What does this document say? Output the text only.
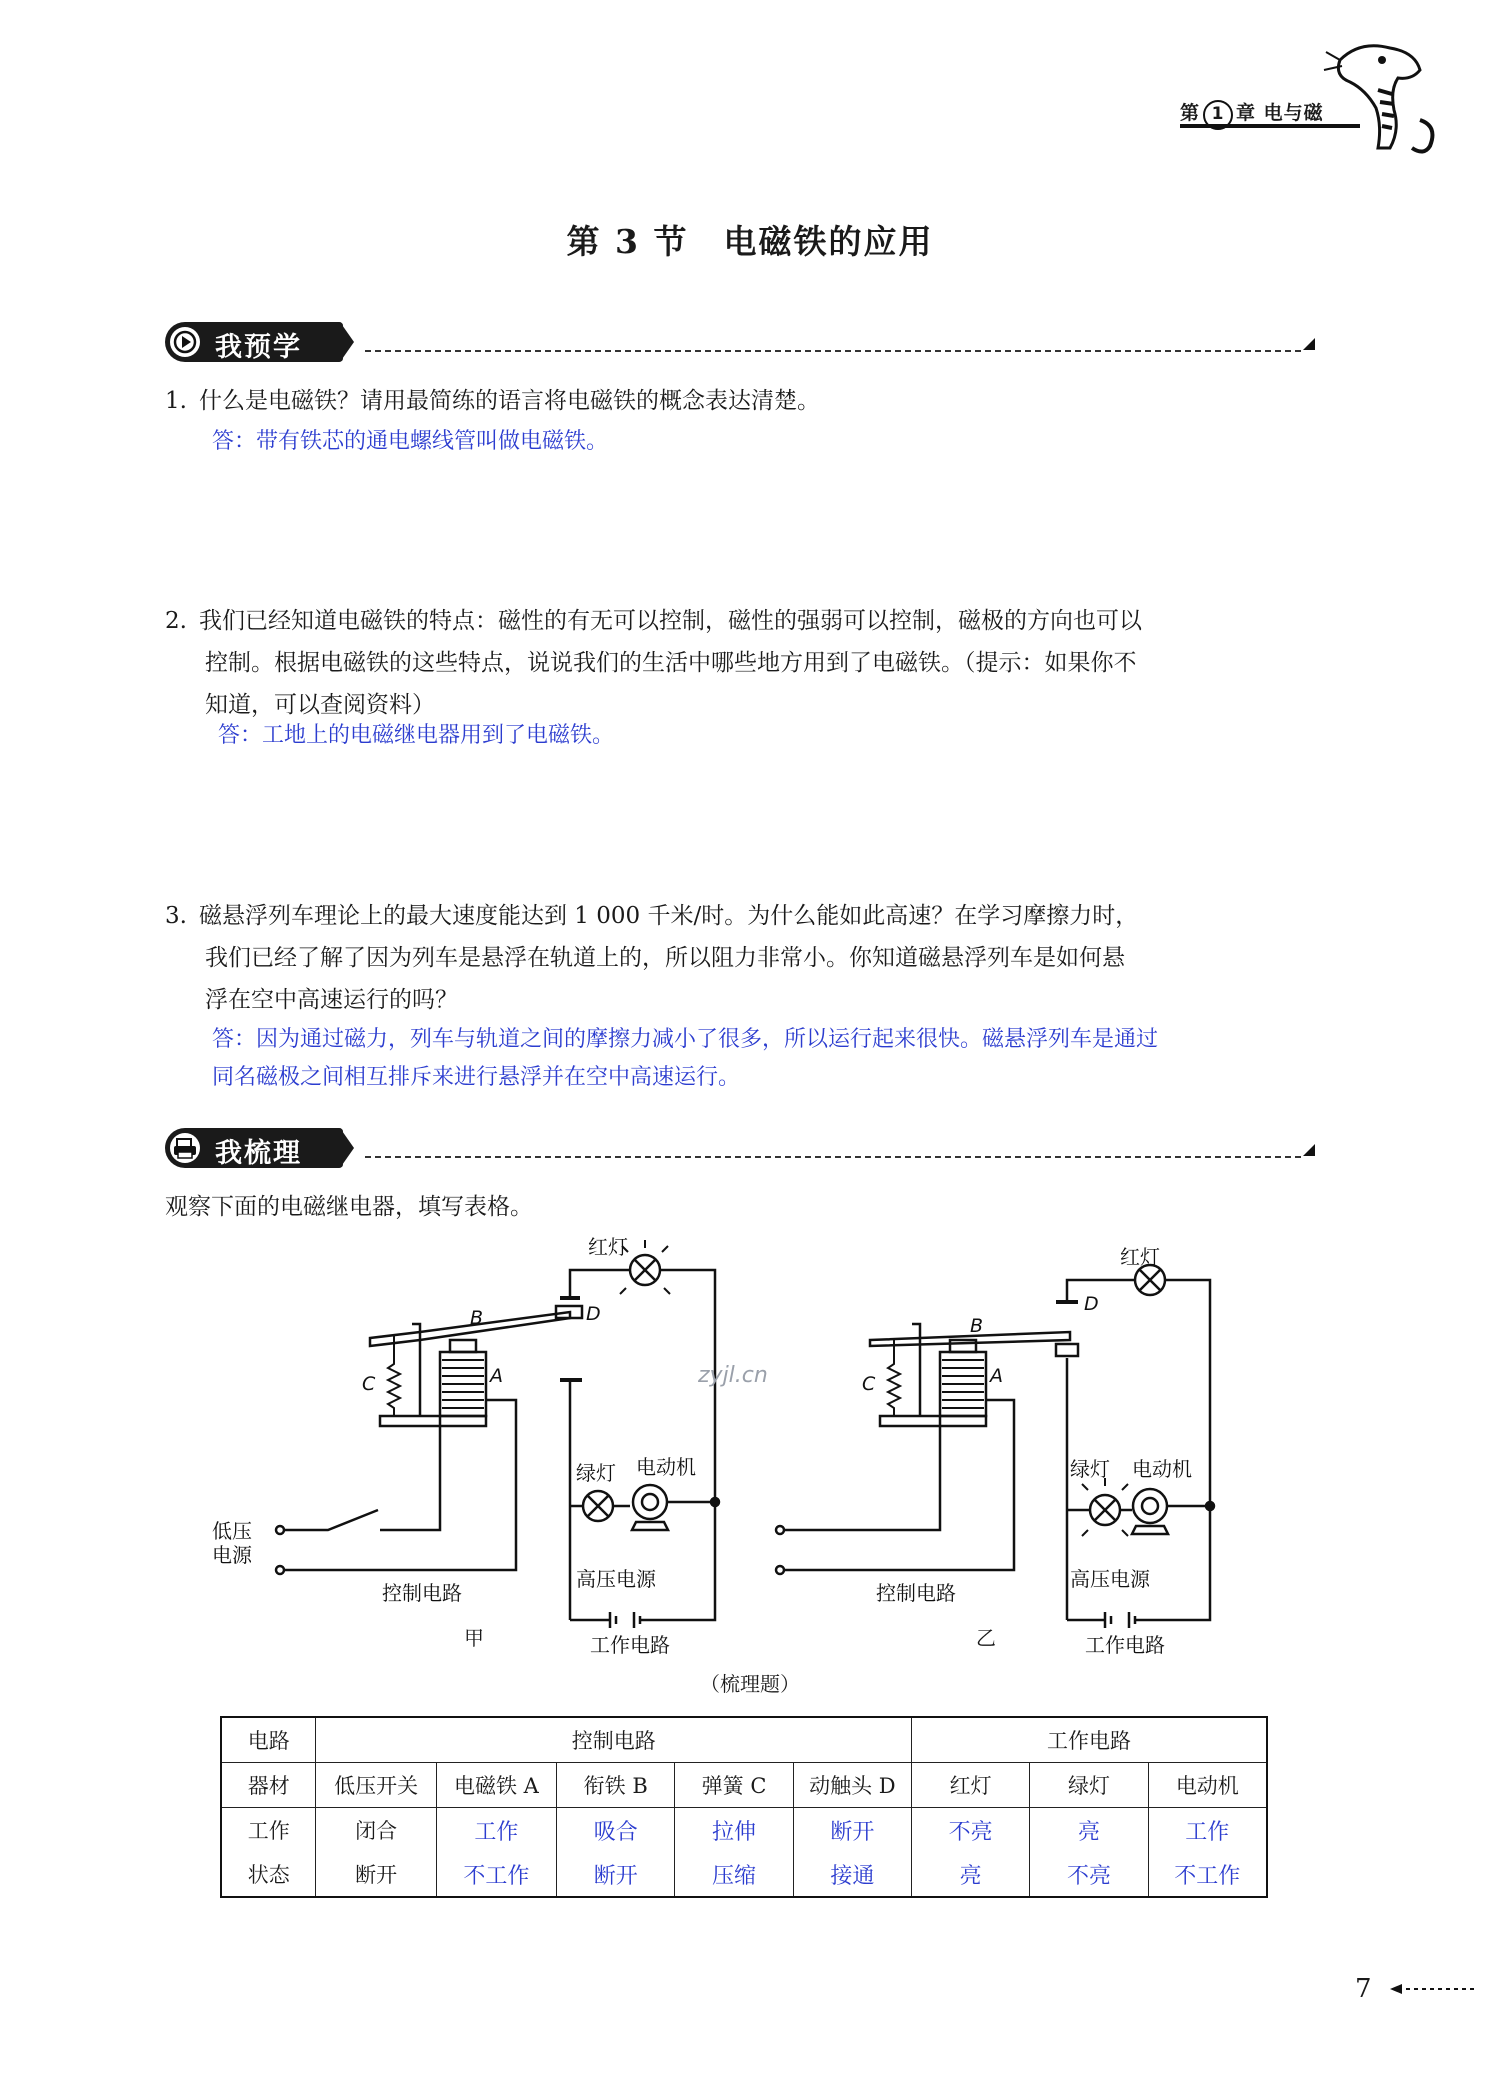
第 1 章 电与磁
第 3 节　电磁铁的应用
我预学
1. 什么是电磁铁？请用最简练的语言将电磁铁的概念表达清楚。
答：带有铁芯的通电螺线管叫做电磁铁。
2. 我们已经知道电磁铁的特点：磁性的有无可以控制，磁性的强弱可以控制，磁极的方向也可以
控制。根据电磁铁的这些特点，说说我们的生活中哪些地方用到了电磁铁。（提示：如果你不
知道，可以查阅资料）
答：工地上的电磁继电器用到了电磁铁。
3. 磁悬浮列车理论上的最大速度能达到 1 000 千米/时。为什么能如此高速？在学习摩擦力时，
我们已经了解了因为列车是悬浮在轨道上的，所以阻力非常小。你知道磁悬浮列车是如何悬
浮在空中高速运行的吗？
答：因为通过磁力，列车与轨道之间的摩擦力减小了很多，所以运行起来很快。磁悬浮列车是通过
同名磁极之间相互排斥来进行悬浮并在空中高速运行。
我梳理
观察下面的电磁继电器，填写表格。
红灯
B	D
C	A
绿灯 电动机
低压
电源
控制电路
高压电源
工作电路
zyjl.cn
红灯
B
D
C	A
绿灯 电动机
控制电路
高压电源
工作电路
甲	乙
（梳理题）
电路	控制电路					工作电路		
器材	低压开关	电磁铁 A	衔铁 B	弹簧 C	动触头 D	红灯	绿灯	电动机
工作	闭合	工作	吸合	拉伸	断开	不亮	亮	工作
状态	断开	不工作	断开	压缩	接通	亮	不亮	不工作
7
